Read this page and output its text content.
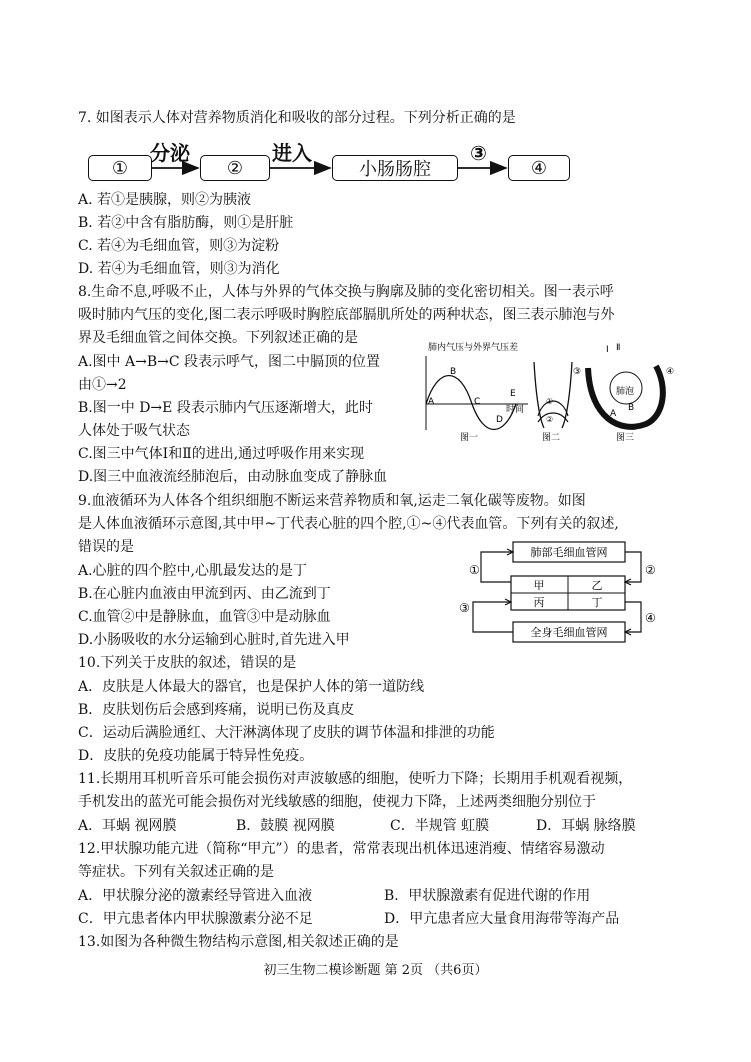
7. 如图表示人体对营养物质消化和吸收的部分过程。下列分析正确的是
①
分泌
②
进入
小肠肠腔
③
④
A. 若①是胰腺，则②为胰液
B. 若②中含有脂肪酶，则①是肝脏
C. 若④为毛细血管，则③为淀粉
D. 若④为毛细血管，则③为消化
8.生命不息,呼吸不止，人体与外界的气体交换与胸廓及肺的变化密切相关。图一表示呼
吸时肺内气压的变化,图二表示呼吸时胸腔底部膈肌所处的两种状态，图三表示肺泡与外
界及毛细血管之间体交换。下列叙述正确的是
A.图中 A→B→C 段表示呼气，图二中膈顶的位置
由①→2
B.图一中 D→E 段表示肺内气压逐渐增大，此时
人体处于吸气状态
C.图三中气体Ⅰ和Ⅱ的进出,通过呼吸作用来实现
D.图三中血液流经肺泡后，由动脉血变成了静脉血
肺内气压与外界气压差
A
B
C
D
E
时间
图一
①
②
图二
③
Ⅰ Ⅱ
④
肺泡
B
A
图三
9.血液循环为人体各个组织细胞不断运来营养物质和氧,运走二氧化碳等废物。如图
是人体血液循环示意图,其中甲~丁代表心脏的四个腔,①~④代表血管。下列有关的叙述,
错误的是
A.心脏的四个腔中,心肌最发达的是丁
B.在心脏内血液由甲流到丙、由乙流到丁
C.血管②中是静脉血，血管③中是动脉血
D.小肠吸收的水分运输到心脏时,首先进入甲
肺部毛细血管网
甲	乙
丙	丁
全身毛细血管网
①	②
③
④
10.下列关于皮肤的叙述，错误的是
A．皮肤是人体最大的器官，也是保护人体的第一道防线
B．皮肤划伤后会感到疼痛，说明已伤及真皮
C．运动后满脸通红、大汗淋漓体现了皮肤的调节体温和排泄的功能
D．皮肤的免疫功能属于特异性免疫。
11.长期用耳机听音乐可能会损伤对声波敏感的细胞，使听力下降；长期用手机观看视频，
手机发出的蓝光可能会损伤对光线敏感的细胞，使视力下降，上述两类细胞分别位于
A．耳蜗 视网膜	B．鼓膜 视网膜	C．半规管 虹膜	D．耳蜗 脉络膜
12.甲状腺功能亢进（简称“甲亢”）的患者，常常表现出机体迅速消瘦、情绪容易激动
等症状。下列有关叙述正确的是
A．甲状腺分泌的激素经导管进入血液	B．甲状腺激素有促进代谢的作用
C．甲亢患者体内甲状腺激素分泌不足	D．甲亢患者应大量食用海带等海产品
13.如图为各种微生物结构示意图,相关叙述正确的是
初三生物二模诊断题 第 2页 （共6页）
